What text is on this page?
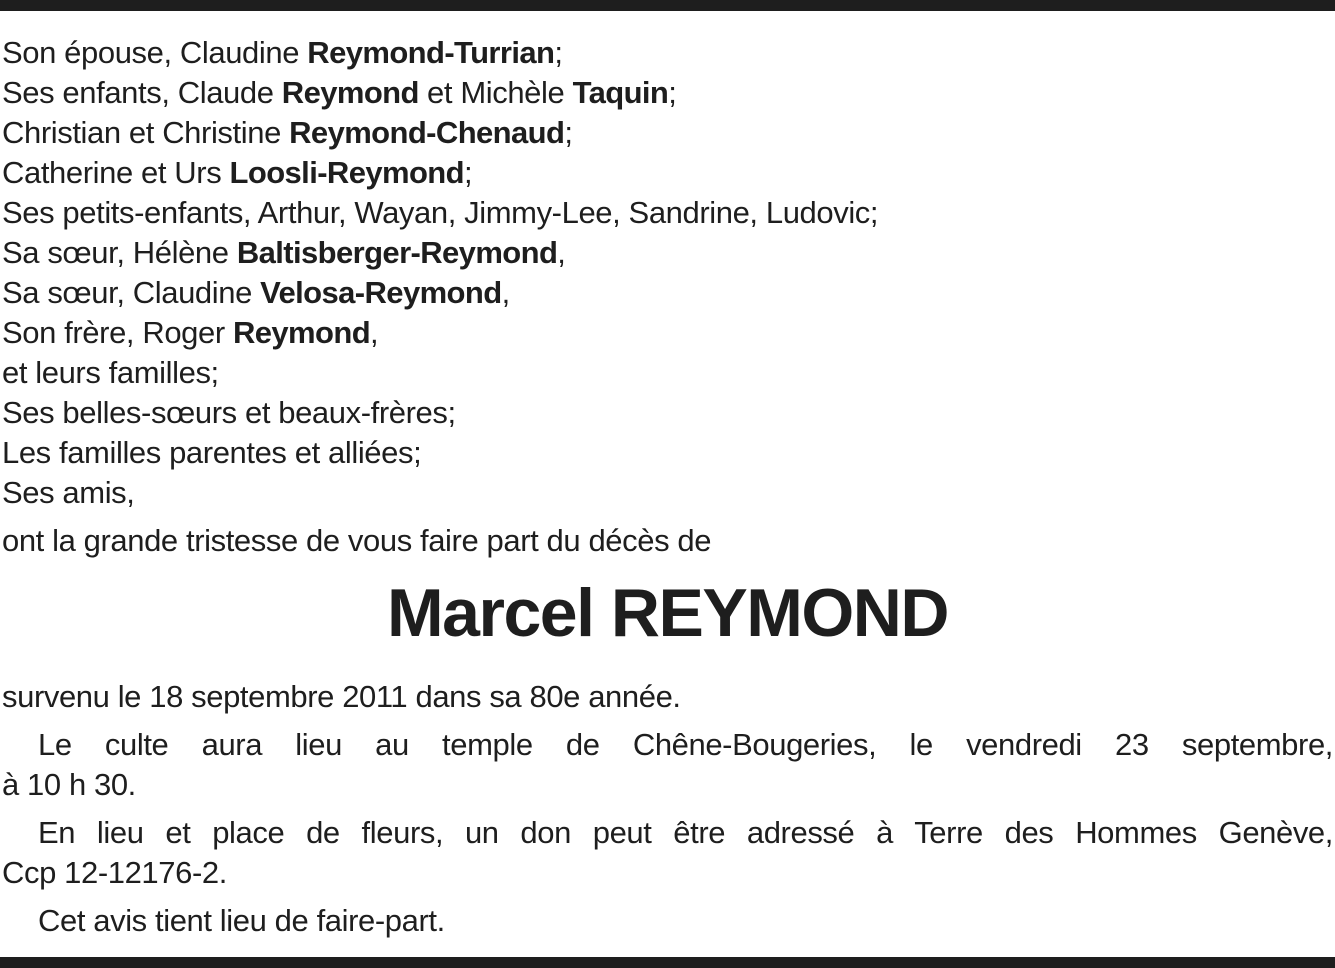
Son épouse, Claudine Reymond-Turrian;
Ses enfants, Claude Reymond et Michèle Taquin;
Christian et Christine Reymond-Chenaud;
Catherine et Urs Loosli-Reymond;
Ses petits-enfants, Arthur, Wayan, Jimmy-Lee, Sandrine, Ludovic;
Sa sœur, Hélène Baltisberger-Reymond,
Sa sœur, Claudine Velosa-Reymond,
Son frère, Roger Reymond,
et leurs familles;
Ses belles-sœurs et beaux-frères;
Les familles parentes et alliées;
Ses amis,
ont la grande tristesse de vous faire part du décès de
Marcel REYMOND
survenu le 18 septembre 2011 dans sa 80e année.
Le culte aura lieu au temple de Chêne-Bougeries, le vendredi 23 septembre,
à 10 h 30.
En lieu et place de fleurs, un don peut être adressé à Terre des Hommes Genève,
Ccp 12-12176-2.
Cet avis tient lieu de faire-part.
